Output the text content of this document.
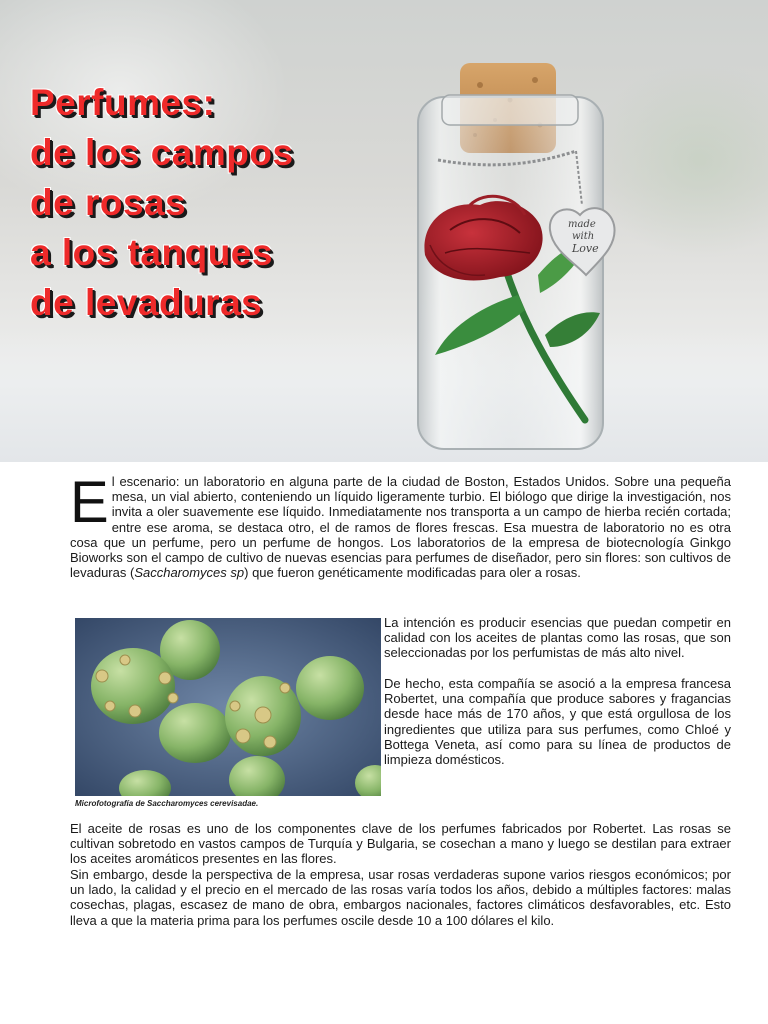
made
with
Love
Perfumes:
de los campos
de rosas
a los tanques
de levaduras

El escenario: un laboratorio en alguna parte de la ciudad de Boston, Estados Unidos. Sobre una pequeña mesa, un vial abierto, conteniendo un líquido ligeramente turbio. El biólogo que dirige la investigación, nos invita a oler suavemente ese líquido. Inmediatamente nos transporta a un campo de hierba recién cortada; entre ese aroma, se destaca otro, el de ramos de flores frescas. Esa muestra de laboratorio no es otra cosa que un perfume, pero un perfume de hongos. Los laboratorios de la empresa de biotecnología Ginkgo Bioworks son el campo de cultivo de nuevas esencias para perfumes de diseñador, pero sin flores: son cultivos de levaduras (Saccharomyces sp) que fueron genéticamente modificadas para oler a rosas.

Microfotografía de Saccharomyces cerevisadae.

La intención es producir esencias que puedan competir en calidad con los aceites de plantas como las rosas, que son seleccionadas por los perfumistas de más alto nivel.

De hecho, esta compañía se asoció a la empresa francesa Robertet, una compañía que produce sabores y fragancias desde hace más de 170 años, y que está orgullosa de los ingredientes que utiliza para sus perfumes, como Chloé y Bottega Veneta, así como para su línea de productos de limpieza domésticos.

El aceite de rosas es uno de los componentes clave de los perfumes fabricados por Robertet. Las rosas se cultivan sobretodo en vastos campos de Turquía y Bulgaria, se cosechan a mano y luego se destilan para extraer los aceites aromáticos presentes en las flores.

Sin embargo, desde la perspectiva de la empresa, usar rosas verdaderas supone varios riesgos económicos; por un lado, la calidad y el precio en el mercado de las rosas varía todos los años, debido a múltiples factores: malas cosechas, plagas, escasez de mano de obra, embargos nacionales, factores climáticos desfavorables, etc. Esto lleva a que la materia prima para los perfumes oscile desde 10 a 100 dólares el kilo.
